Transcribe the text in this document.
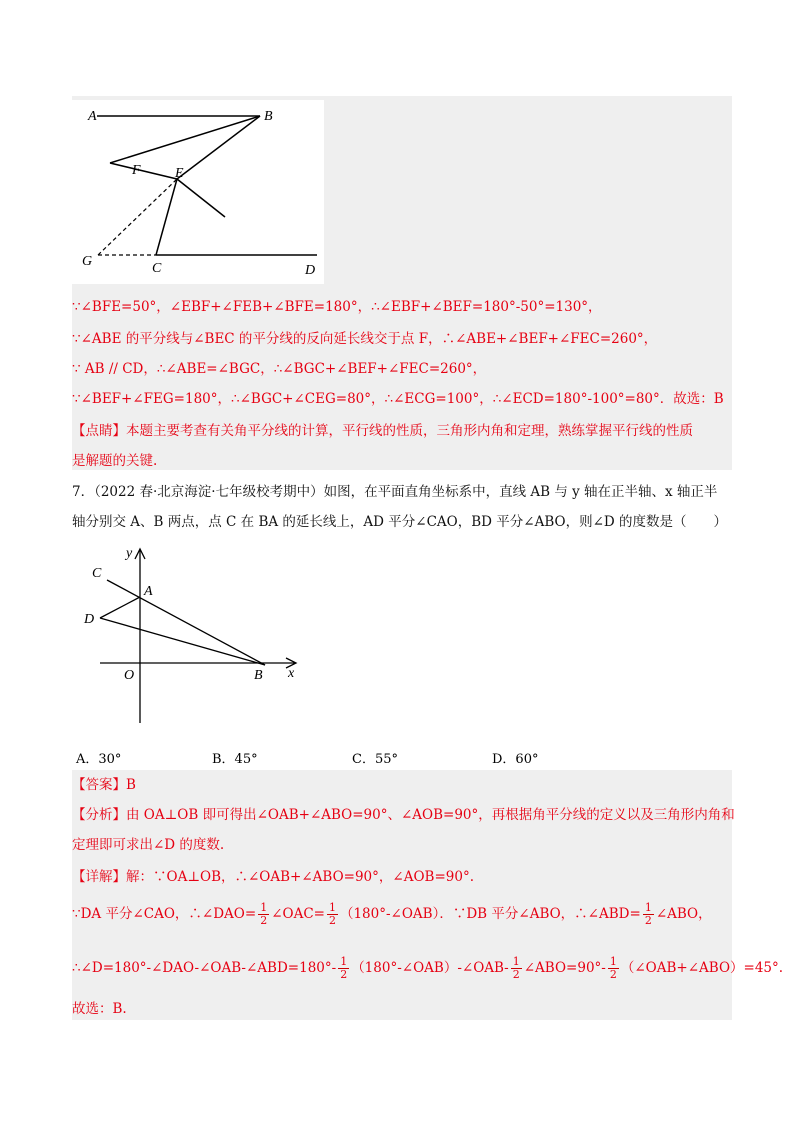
A	B
F E
G	C	D
∵∠BFE=50°，∠EBF+∠FEB+∠BFE=180°，∴∠EBF+∠BEF=180°-50°=130°，
∵∠ABE 的平分线与∠BEC 的平分线的反向延长线交于点 F，∴∠ABE+∠BEF+∠FEC=260°，
∵ AB // CD，∴∠ABE=∠BGC，∴∠BGC+∠BEF+∠FEC=260°，
∵∠BEF+∠FEG=180°，∴∠BGC+∠CEG=80°，∴∠ECG=100°，∴∠ECD=180°-100°=80°．故选：B
【点睛】本题主要考查有关角平分线的计算，平行线的性质，三角形内角和定理，熟练掌握平行线的性质
是解题的关键.
7．（2022 春·北京海淀·七年级校考期中）如图，在平面直角坐标系中，直线 AB 与 y 轴在正半轴、x 轴正半
轴分别交 A、B 两点，点 C 在 BA 的延长线上，AD 平分∠CAO，BD 平分∠ABO，则∠D 的度数是（　　）
y
C
A
D
O	B x
A．30°	B．45°	C．55°	D．60°
【答案】B
【分析】由 OA⊥OB 即可得出∠OAB+∠ABO=90°、∠AOB=90°，再根据角平分线的定义以及三角形内角和
定理即可求出∠D 的度数.
【详解】解：∵OA⊥OB，∴∠OAB+∠ABO=90°，∠AOB=90°.
∵DA 平分∠CAO，∴∠DAO= $\frac{1}{2}$ ∠OAC= $\frac{1}{2}$ （180°-∠OAB）．∵DB 平分∠ABO，∴∠ABD= $\frac{1}{2}$ ∠ABO，
∴∠D=180°-∠DAO-∠OAB-∠ABD=180°- $\frac{1}{2}$ （180°-∠OAB）-∠OAB- $\frac{1}{2}$ ∠ABO=90°- $\frac{1}{2}$ （∠OAB+∠ABO）=45°.
故选：B.
